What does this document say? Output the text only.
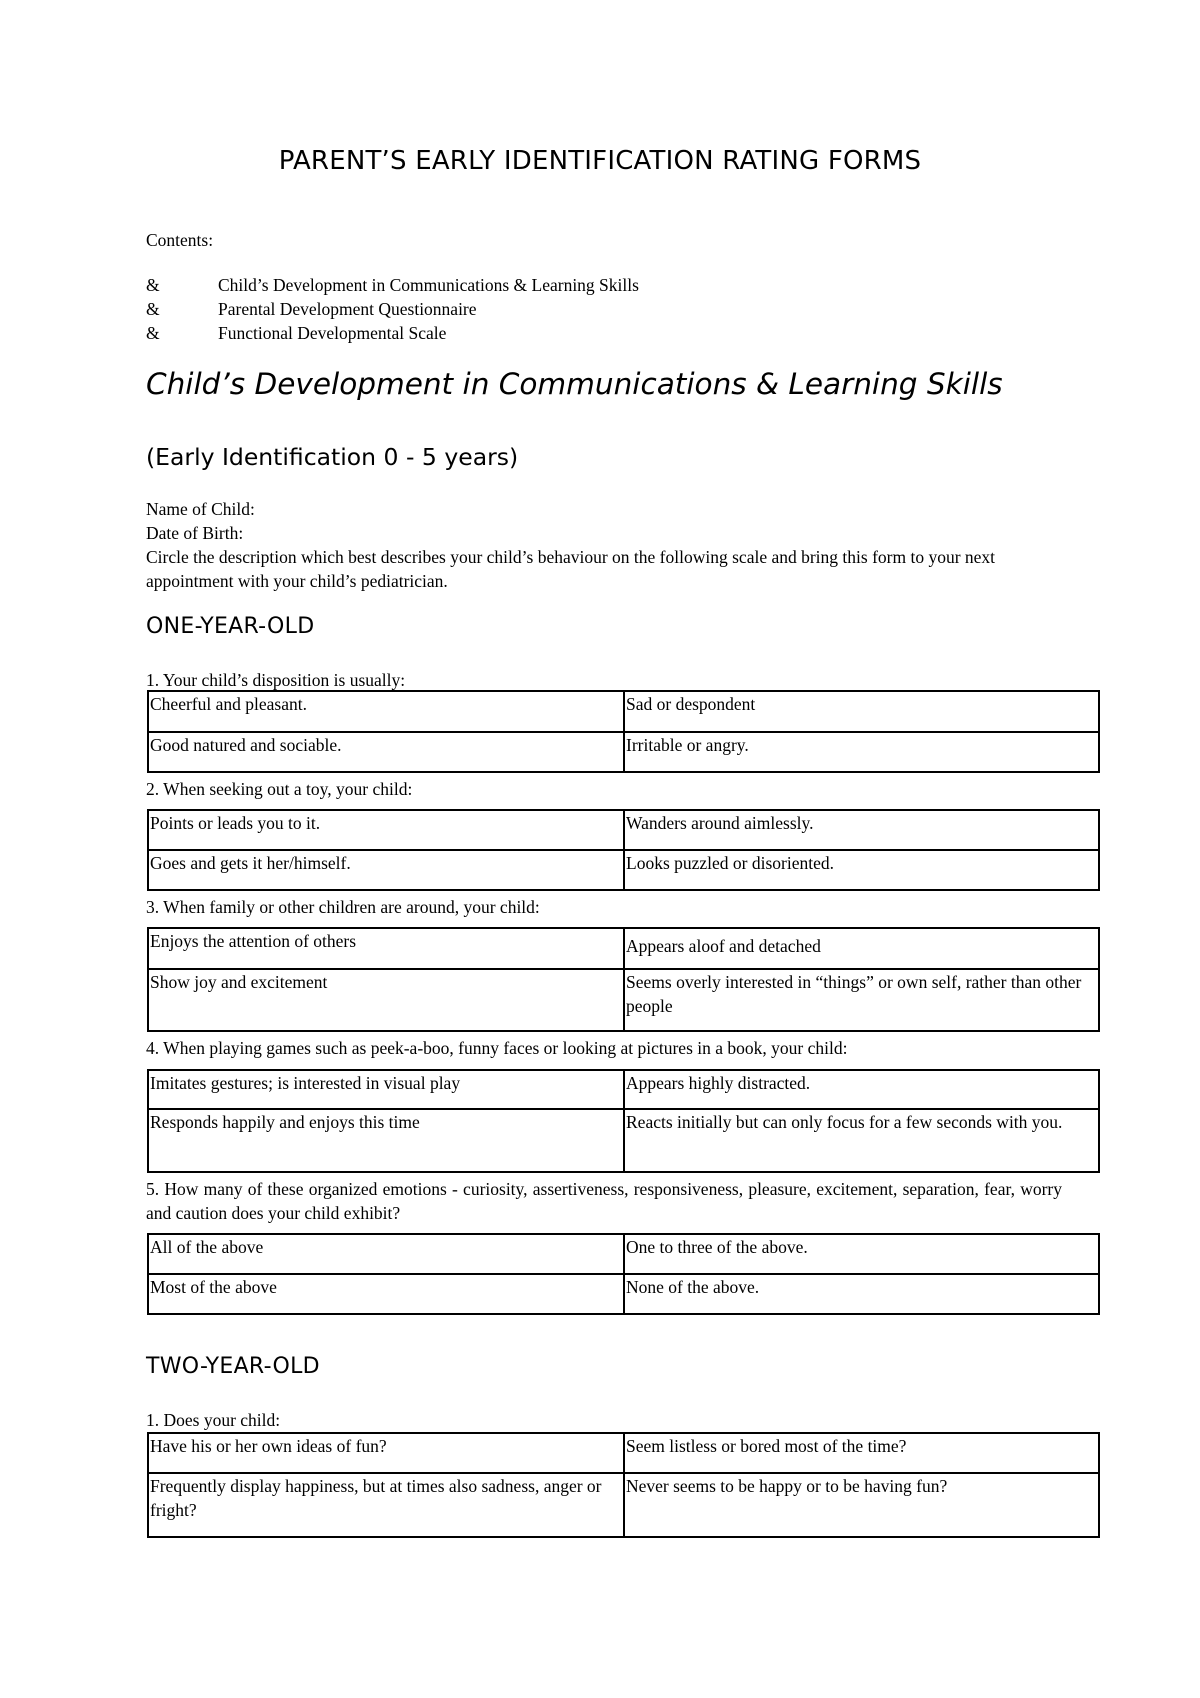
PARENT’S EARLY IDENTIFICATION RATING FORMS
Contents:
&	Child’s Development in Communications & Learning Skills
&	Parental Development Questionnaire
&	Functional Developmental Scale
Child’s Development in Communications & Learning Skills
(Early Identification 0 - 5 years)
Name of Child:
Date of Birth:

Circle the description which best describes your child’s behaviour on the following scale and bring this form to your next appointment with your child’s pediatrician.

ONE-YEAR-OLD

1. Your child’s disposition is usually:

Cheerful and pleasant.	Sad or despondent
Good natured and sociable.	Irritable or angry.

2. When seeking out a toy, your child:

Points or leads you to it.	Wanders around aimlessly.
Goes and gets it her/himself.	Looks puzzled or disoriented.

3. When family or other children are around, your child:

Enjoys the attention of others	Appears aloof and detached
Show joy and excitement	Seems overly interested in “things” or own self, rather than other people

4. When playing games such as peek-a-boo, funny faces or looking at pictures in a book, your child:

Imitates gestures; is interested in visual play	Appears highly distracted.
Responds happily and enjoys this time	Reacts initially but can only focus for a few seconds with you.

5. How many of these organized emotions - curiosity, assertiveness, responsiveness, pleasure, excitement, separation, fear, worry and caution does your child exhibit?

All of the above	One to three of the above.
Most of the above	None of the above.
TWO-YEAR-OLD

1. Does your child:

Have his or her own ideas of fun?	Seem listless or bored most of the time?
Frequently display happiness, but at times also sadness, anger or fright?	Never seems to be happy or to be having fun?
